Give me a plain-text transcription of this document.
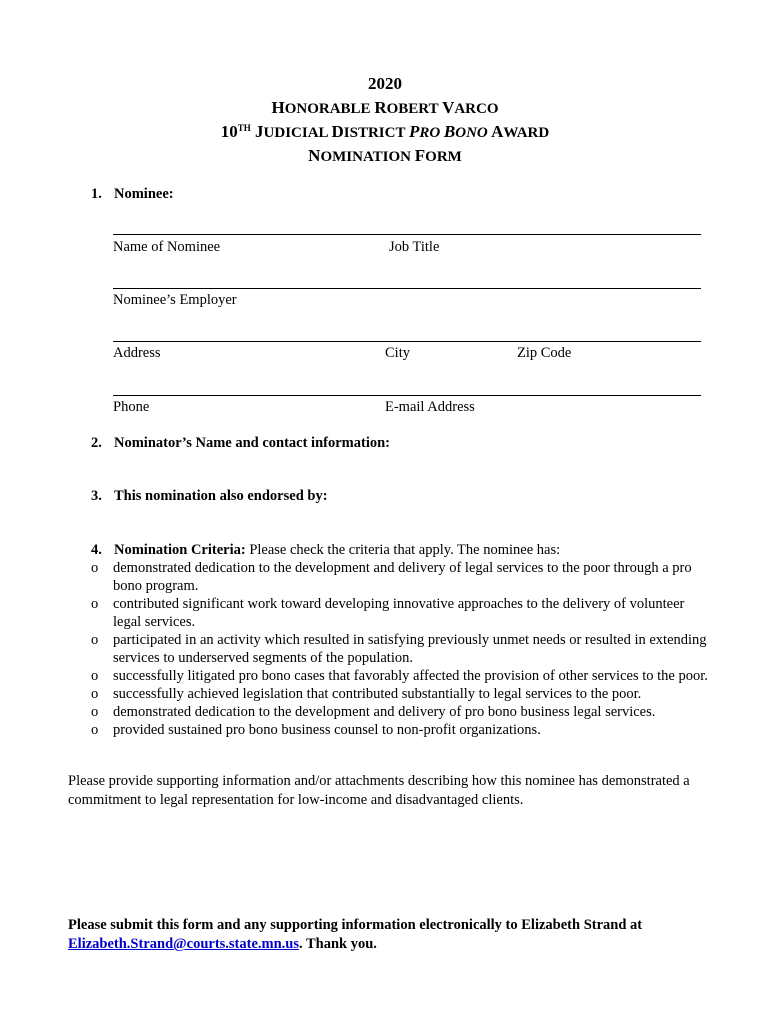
2020
HONORABLE ROBERT VARCO
10TH JUDICIAL DISTRICT PRO BONO AWARD
NOMINATION FORM
1. Nominee:
Name of Nominee	Job Title
Nominee’s Employer
Address	City	Zip Code
Phone	E-mail Address
2. Nominator’s Name and contact information:
3. This nomination also endorsed by:
4. Nomination Criteria: Please check the criteria that apply. The nominee has:
o demonstrated dedication to the development and delivery of legal services to the poor through a pro bono program.
o contributed significant work toward developing innovative approaches to the delivery of volunteer legal services.
o participated in an activity which resulted in satisfying previously unmet needs or resulted in extending services to underserved segments of the population.
o successfully litigated pro bono cases that favorably affected the provision of other services to the poor.
o successfully achieved legislation that contributed substantially to legal services to the poor.
o demonstrated dedication to the development and delivery of pro bono business legal services.
o provided sustained pro bono business counsel to non-profit organizations.
Please provide supporting information and/or attachments describing how this nominee has demonstrated a commitment to legal representation for low-income and disadvantaged clients.
Please submit this form and any supporting information electronically to Elizabeth Strand at Elizabeth.Strand@courts.state.mn.us. Thank you.
